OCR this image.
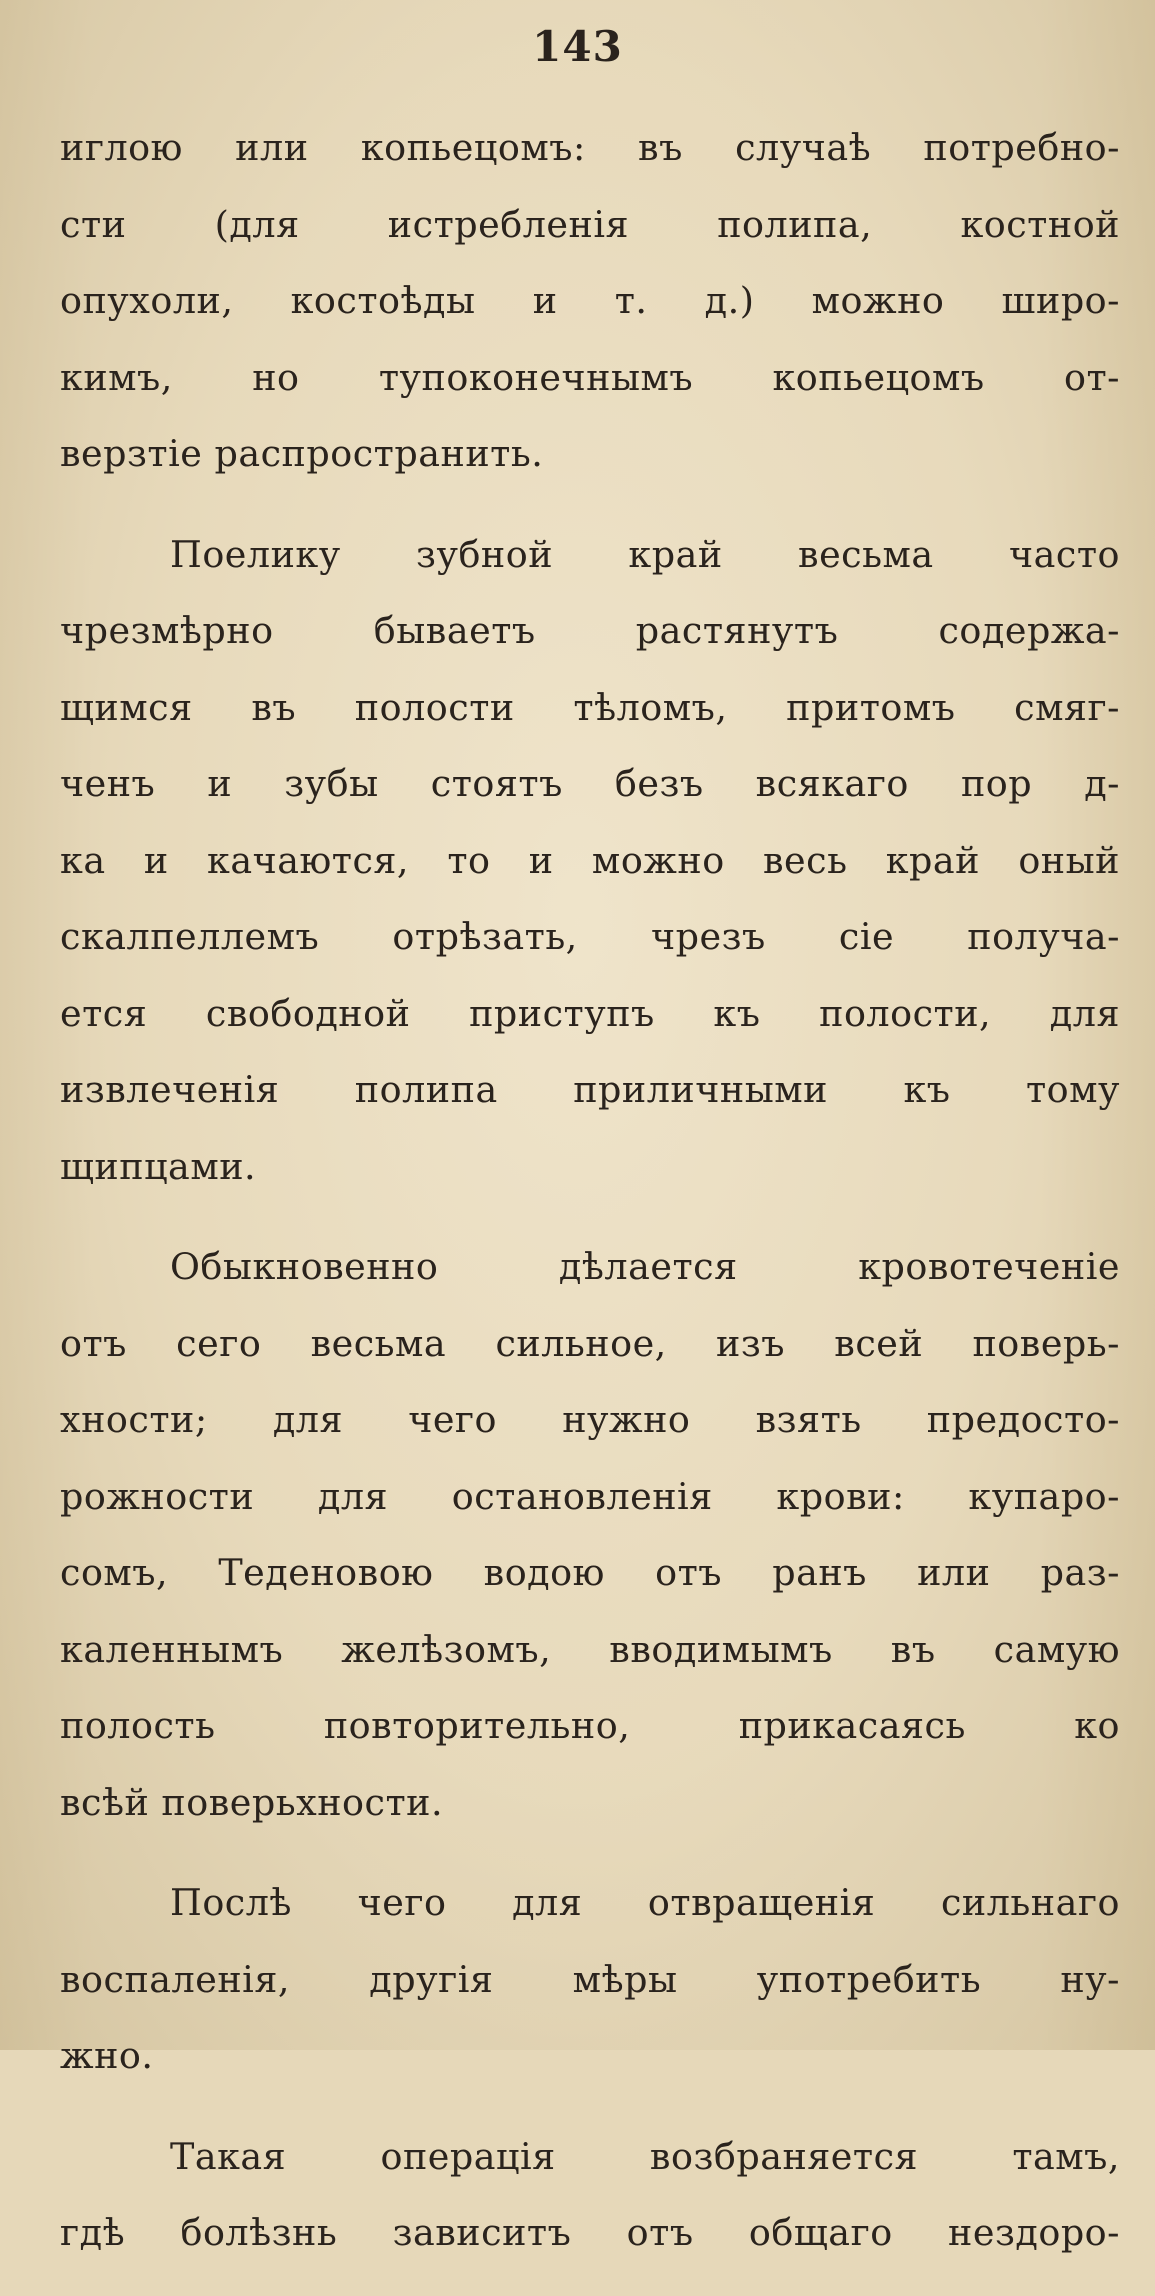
143
иглою или копьецомъ: въ случаѣ потребно-
сти (для истребленія полипа, костной
опухоли, костоѣды и т. д.) можно широ-
кимъ, но тупоконечнымъ копьецомъ от-
верзтіе распространить.
Поелику зубной край весьма часто
чрезмѣрно бываетъ растянутъ содержа-
щимся въ полости тѣломъ, притомъ смяг-
ченъ и зубы стоятъ безъ всякаго пор д-
ка и качаются, то и можно весь край оный
скалпеллемъ отрѣзать, чрезъ сіе получа-
ется свободной приступъ къ полости, для
извлеченія полипа приличными къ тому
щипцами.
Обыкновенно дѣлается кровотеченіе
отъ сего весьма сильное, изъ всей поверь-
хности; для чего нужно взять предосто-
рожности для остановленія крови: купаро-
сомъ, Теденовою водою отъ ранъ или раз-
каленнымъ желѣзомъ, вводимымъ въ самую
полость повторительно, прикасаясь ко
всѣй поверьхности.
Послѣ чего для отвращенія сильнаго
воспаленія, другія мѣры употребить ну-
жно.
Такая операція возбраняется тамъ,
гдѣ болѣзнь зависитъ отъ общаго нездоро-
